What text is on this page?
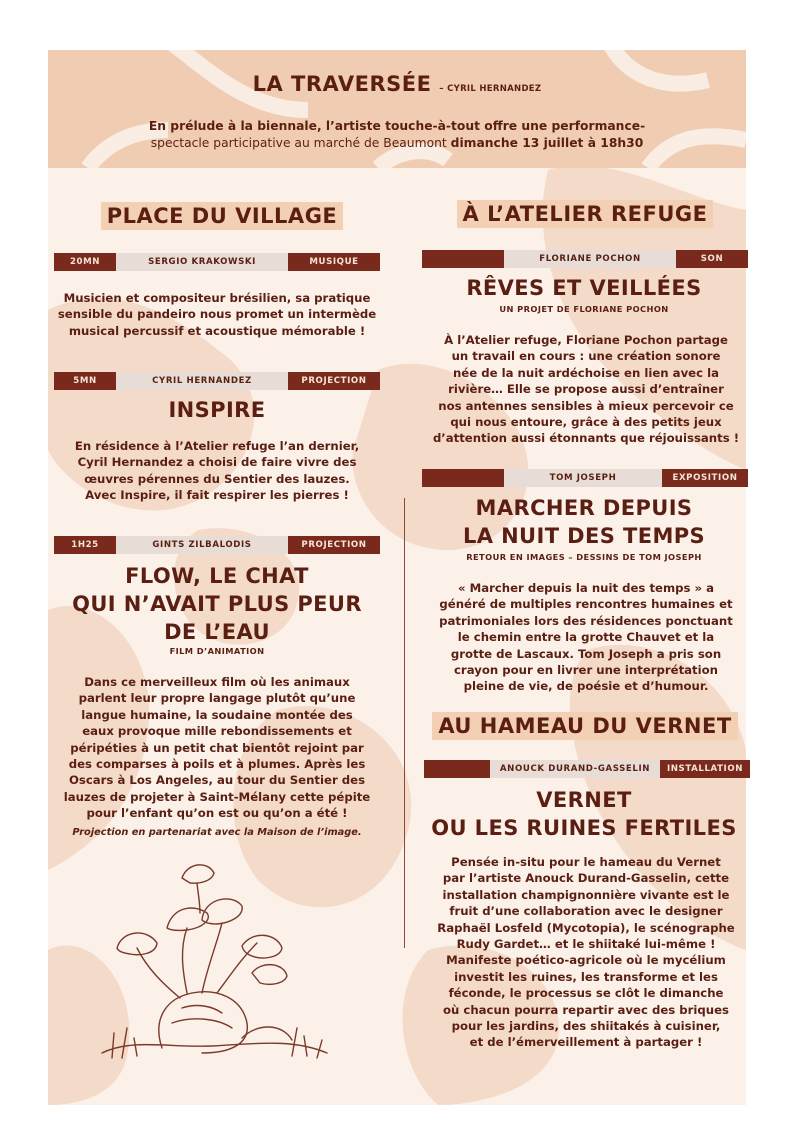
LA TRAVERSÉE – CYRIL HERNANDEZ
En prélude à la biennale, l’artiste touche-à-tout offre une performance-
spectacle participative au marché de Beaumont dimanche 13 juillet à 18h30
PLACE DU VILLAGE
20MN	SERGIO KRAKOWSKI	MUSIQUE
Musicien et compositeur brésilien, sa pratique
sensible du pandeiro nous promet un intermède
musical percussif et acoustique mémorable !
5MN	CYRIL HERNANDEZ	PROJECTION
INSPIRE
En résidence à l’Atelier refuge l’an dernier,
Cyril Hernandez a choisi de faire vivre des
œuvres pérennes du Sentier des lauzes.
Avec Inspire, il fait respirer les pierres !
1H25	GINTS ZILBALODIS	PROJECTION
FLOW, LE CHAT
QUI N’AVAIT PLUS PEUR
DE L’EAU
FILM D’ANIMATION
Dans ce merveilleux film où les animaux
parlent leur propre langage plutôt qu’une
langue humaine, la soudaine montée des
eaux provoque mille rebondissements et
péripéties à un petit chat bientôt rejoint par
des comparses à poils et à plumes. Après les
Oscars à Los Angeles, au tour du Sentier des
lauzes de projeter à Saint-Mélany cette pépite
pour l’enfant qu’on est ou qu’on a été !
Projection en partenariat avec la Maison de l’image.
À L’ATELIER REFUGE
FLORIANE POCHON	SON
RÊVES ET VEILLÉES
UN PROJET DE FLORIANE POCHON
À l’Atelier refuge, Floriane Pochon partage
un travail en cours : une création sonore
née de la nuit ardéchoise en lien avec la
rivière… Elle se propose aussi d’entraîner
nos antennes sensibles à mieux percevoir ce
qui nous entoure, grâce à des petits jeux
d’attention aussi étonnants que réjouissants !
TOM JOSEPH	EXPOSITION
MARCHER DEPUIS
LA NUIT DES TEMPS
RETOUR EN IMAGES – DESSINS DE TOM JOSEPH
« Marcher depuis la nuit des temps » a
généré de multiples rencontres humaines et
patrimoniales lors des résidences ponctuant
le chemin entre la grotte Chauvet et la
grotte de Lascaux. Tom Joseph a pris son
crayon pour en livrer une interprétation
pleine de vie, de poésie et d’humour.
AU HAMEAU DU VERNET
ANOUCK DURAND-GASSELIN	INSTALLATION
VERNET
OU LES RUINES FERTILES
Pensée in-situ pour le hameau du Vernet
par l’artiste Anouck Durand-Gasselin, cette
installation champignonnière vivante est le
fruit d’une collaboration avec le designer
Raphaël Losfeld (Mycotopia), le scénographe
Rudy Gardet… et le shiitaké lui-même !
Manifeste poético-agricole où le mycélium
investit les ruines, les transforme et les
féconde, le processus se clôt le dimanche
où chacun pourra repartir avec des briques
pour les jardins, des shiitakés à cuisiner,
et de l’émerveillement à partager !
